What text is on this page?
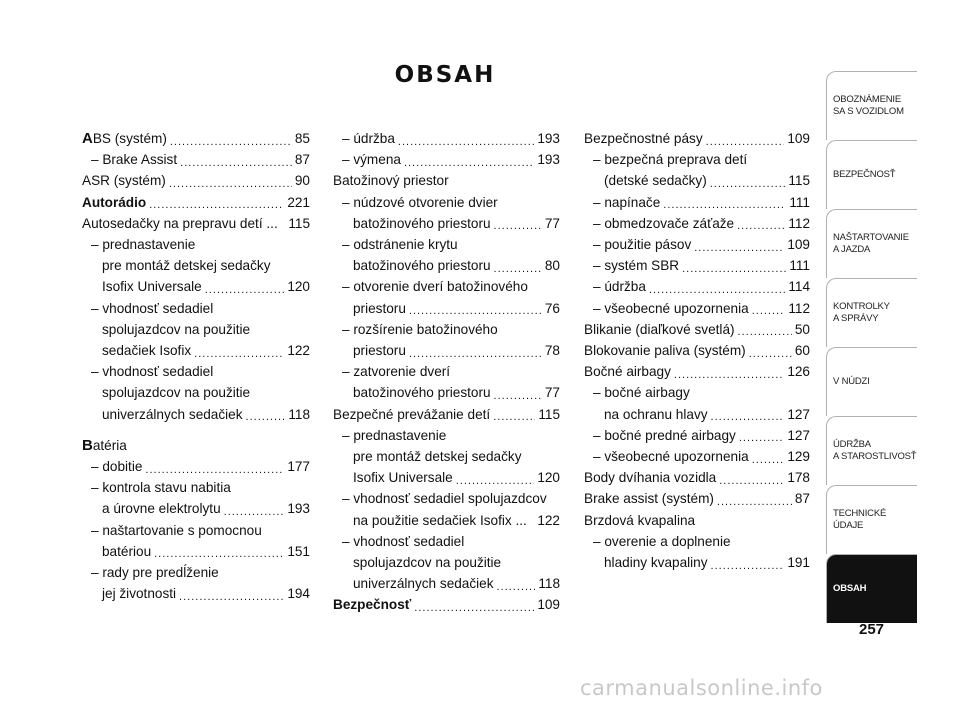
OBSAH
ABS (systém) .....	85
– Brake Assist .....	87
ASR (systém) .....	90
Autorádio .....	221
Autosedačky na prepravu detí ... 115
– prednastavenie
pre montáž detskej sedačky
Isofix Universale .....	120
– vhodnosť sedadiel
spolujazdcov na použitie
sedačiek Isofix .....	122
– vhodnosť sedadiel
spolujazdcov na použitie
univerzálnych sedačiek .....	118
Batéria
– dobitie .....	177
– kontrola stavu nabitia
a úrovne elektrolytu .....	193
– naštartovanie s pomocnou
batériou .....	151
– rady pre predĺženie
jej životnosti .....	194
– údržba .....	193
– výmena .....	193
Batožinový priestor
– núdzové otvorenie dvier
batožinového priestoru .....	77
– odstránenie krytu
batožinového priestoru .....	80
– otvorenie dverí batožinového
priestoru .....	76
– rozšírenie batožinového
priestoru .....	78
– zatvorenie dverí
batožinového priestoru .....	77
Bezpečné prevážanie detí .....	115
– prednastavenie
pre montáž detskej sedačky
Isofix Universale .....	120
– vhodnosť sedadiel spolujazdcov
na použitie sedačiek Isofix ... 122
– vhodnosť sedadiel
spolujazdcov na použitie
univerzálnych sedačiek .....	118
Bezpečnosť .....	109
Bezpečnostné pásy .....	109
– bezpečná preprava detí
(detské sedačky) .....	115
– napínače .....	111
– obmedzovače záťaže .....	112
– použitie pásov .....	109
– systém SBR .....	111
– údržba .....	114
– všeobecné upozornenia .....	112
Blikanie (diaľkové svetlá) .....	50
Blokovanie paliva (systém) .....	60
Bočné airbagy .....	126
– bočné airbagy
na ochranu hlavy .....	127
– bočné predné airbagy .....	127
– všeobecné upozornenia .....	129
Body dvíhania vozidla .....	178
Brake assist (systém) .....	87
Brzdová kvapalina
– overenie a doplnenie
hladiny kvapaliny .....	191
OBOZNÁMENIE
SA S VOZIDLOM
BEZPEČNOSŤ
NAŠTARTOVANIE
A JAZDA
KONTROLKY
A SPRÁVY
V NÚDZI
ÚDRŽBA
A STAROSTLIVOSŤ
TECHNICKÉ
ÚDAJE
OBSAH
257
carmanualsonline.info
